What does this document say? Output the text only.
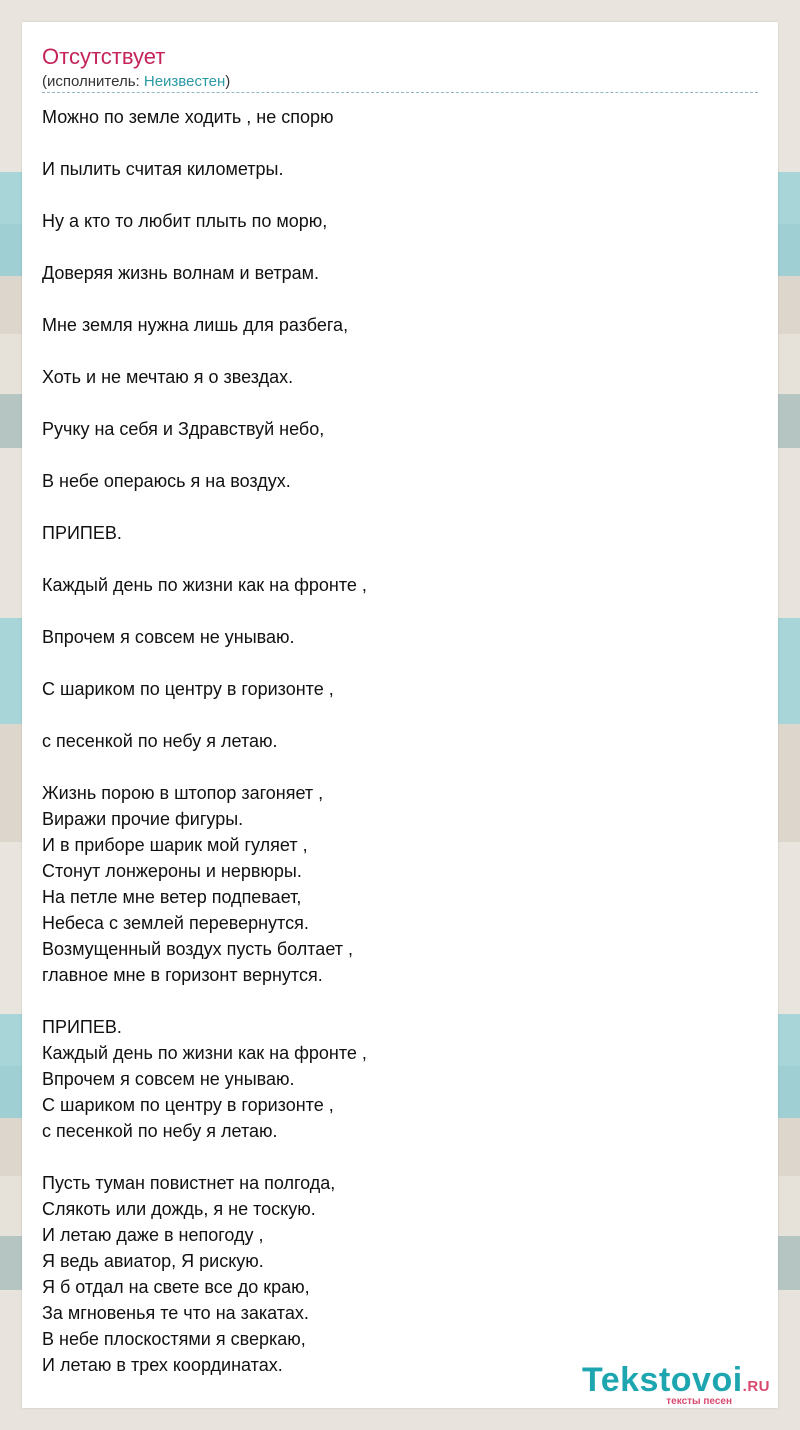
Отсутствует
(исполнитель: Неизвестен)
Можно по земле ходить , не спорю
И пылить считая километры.
Ну а кто то любит плыть по морю,
Доверяя жизнь волнам и ветрам.
Мне земля нужна лишь для разбега,
Хоть и не мечтаю я о звездах.
Ручку на себя и Здравствуй небо,
В небе операюсь я на воздух.
ПРИПЕВ.
Каждый день по жизни как на фронте ,
Впрочем я совсем не унываю.
С шариком по центру в горизонте ,
с песенкой по небу я летаю.
Жизнь порою в штопор загоняет ,
Виражи прочие фигуры.
И в приборе шарик мой гуляет ,
Стонут лонжероны и нервюры.
На петле мне ветер подпевает,
Небеса с землей перевернутся.
Возмущенный воздух пусть болтает ,
главное мне в горизонт вернутся.
ПРИПЕВ.
Каждый день по жизни как на фронте ,
Впрочем я совсем не унываю.
С шариком по центру в горизонте ,
с песенкой по небу я летаю.
Пусть туман повистнет на полгода,
Слякоть или дождь, я не тоскую.
И летаю даже в непогоду ,
Я ведь авиатор, Я рискую.
Я б отдал на свете все до краю,
За мгновенья те что на закатах.
В небе плоскостями я сверкаю,
И летаю в трех координатах.	Tekstovoi.RU
тексты песен
